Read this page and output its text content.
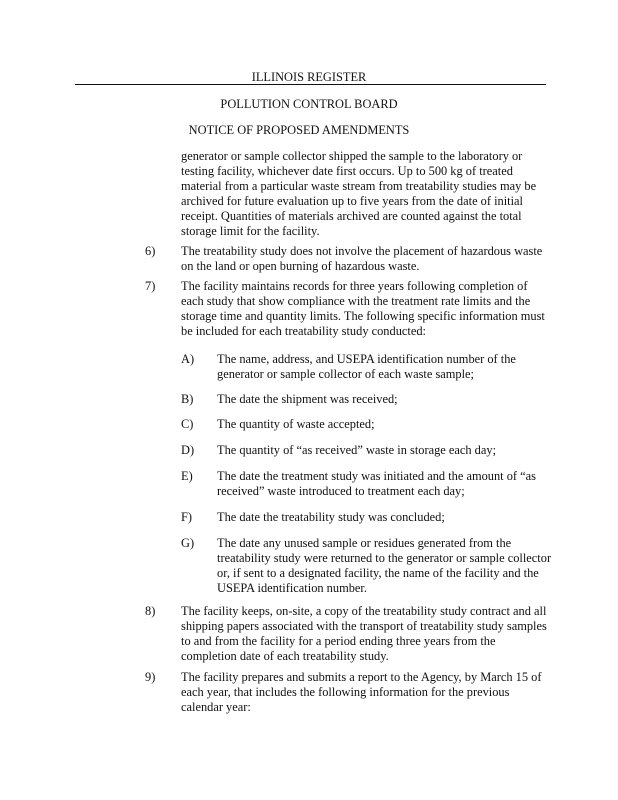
ILLINOIS REGISTER
POLLUTION CONTROL BOARD
NOTICE OF PROPOSED AMENDMENTS
generator or sample collector shipped the sample to the laboratory or
testing facility, whichever date first occurs. Up to 500 kg of treated
material from a particular waste stream from treatability studies may be
archived for future evaluation up to five years from the date of initial
receipt. Quantities of materials archived are counted against the total
storage limit for the facility.
6) The treatability study does not involve the placement of hazardous waste
on the land or open burning of hazardous waste.
7) The facility maintains records for three years following completion of
each study that show compliance with the treatment rate limits and the
storage time and quantity limits. The following specific information must
be included for each treatability study conducted:
A) The name, address, and USEPA identification number of the
generator or sample collector of each waste sample;
B) The date the shipment was received;
C) The quantity of waste accepted;
D) The quantity of “as received” waste in storage each day;
E) The date the treatment study was initiated and the amount of “as
received” waste introduced to treatment each day;
F) The date the treatability study was concluded;
G) The date any unused sample or residues generated from the
treatability study were returned to the generator or sample collector
or, if sent to a designated facility, the name of the facility and the
USEPA identification number.
8) The facility keeps, on-site, a copy of the treatability study contract and all
shipping papers associated with the transport of treatability study samples
to and from the facility for a period ending three years from the
completion date of each treatability study.
9) The facility prepares and submits a report to the Agency, by March 15 of
each year, that includes the following information for the previous
calendar year:
